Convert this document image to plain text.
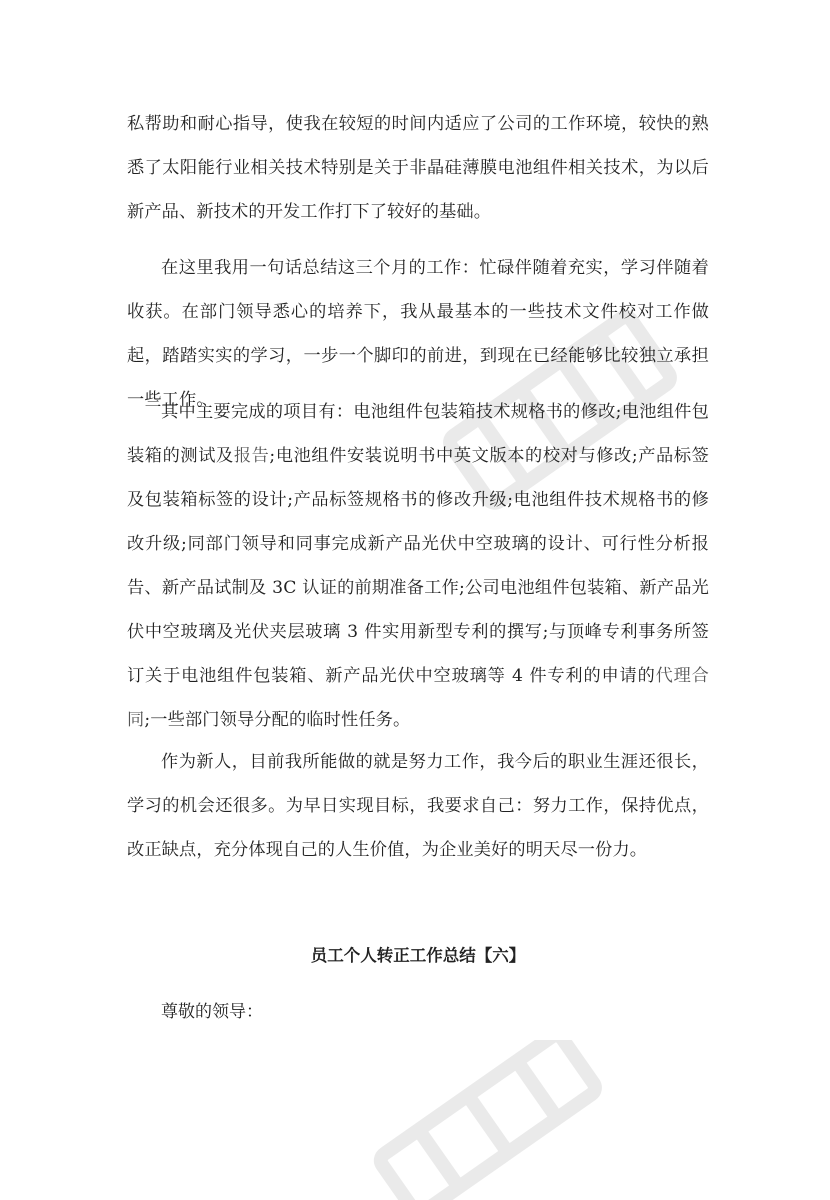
私帮助和耐心指导，使我在较短的时间内适应了公司的工作环境，较快的熟悉了太阳能行业相关技术特别是关于非晶硅薄膜电池组件相关技术，为以后新产品、新技术的开发工作打下了较好的基础。

在这里我用一句话总结这三个月的工作：忙碌伴随着充实，学习伴随着收获。在部门领导悉心的培养下，我从最基本的一些技术文件校对工作做起，踏踏实实的学习，一步一个脚印的前进，到现在已经能够比较独立承担一些工作。

其中主要完成的项目有：电池组件包装箱技术规格书的修改;电池组件包装箱的测试及报告;电池组件安装说明书中英文版本的校对与修改;产品标签及包装箱标签的设计;产品标签规格书的修改升级;电池组件技术规格书的修改升级;同部门领导和同事完成新产品光伏中空玻璃的设计、可行性分析报告、新产品试制及 3C 认证的前期准备工作;公司电池组件包装箱、新产品光伏中空玻璃及光伏夹层玻璃 3 件实用新型专利的撰写;与顶峰专利事务所签订关于电池组件包装箱、新产品光伏中空玻璃等 4 件专利的申请的代理合同;一些部门领导分配的临时性任务。

作为新人，目前我所能做的就是努力工作，我今后的职业生涯还很长，学习的机会还很多。为早日实现目标，我要求自己：努力工作，保持优点，改正缺点，充分体现自己的人生价值，为企业美好的明天尽一份力。

员工个人转正工作总结【六】

尊敬的领导：
